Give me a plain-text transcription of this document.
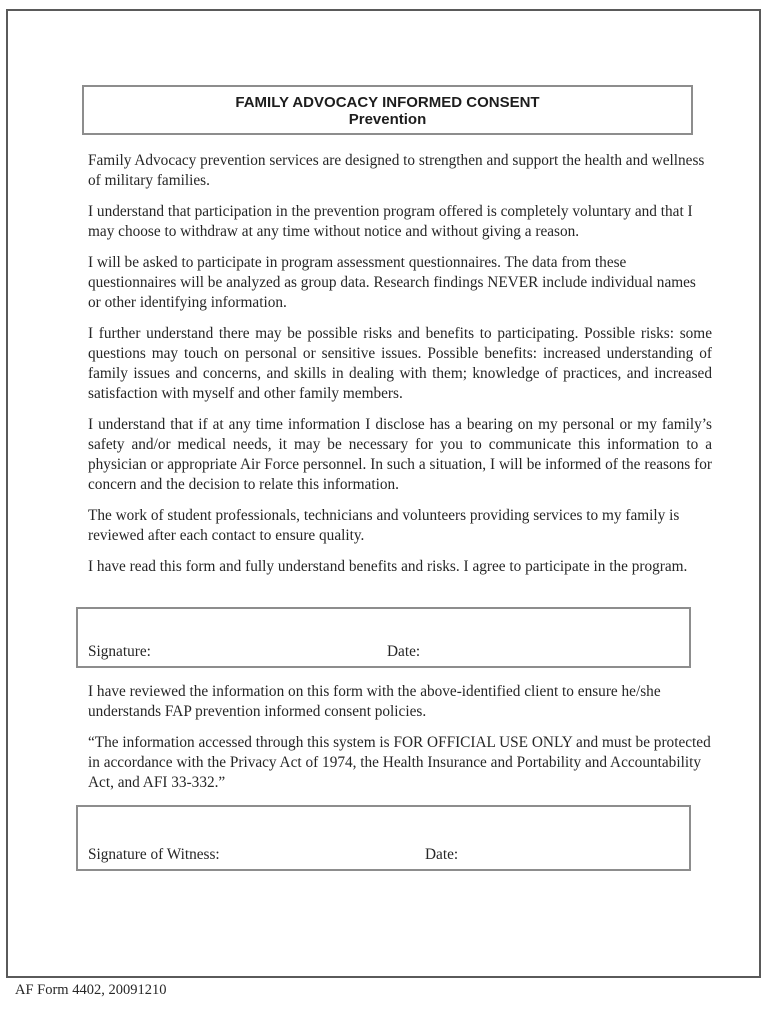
FAMILY ADVOCACY INFORMED CONSENT
Prevention

Family Advocacy prevention services are designed to strengthen and support the health and wellness of military families.

I understand that participation in the prevention program offered is completely voluntary and that I may choose to withdraw at any time without notice and without giving a reason.

I will be asked to participate in program assessment questionnaires. The data from these questionnaires will be analyzed as group data. Research findings NEVER include individual names or other identifying information.

I further understand there may be possible risks and benefits to participating. Possible risks: some questions may touch on personal or sensitive issues. Possible benefits: increased understanding of family issues and concerns, and skills in dealing with them; knowledge of practices, and increased satisfaction with myself and other family members.

I understand that if at any time information I disclose has a bearing on my personal or my family’s safety and/or medical needs, it may be necessary for you to communicate this information to a physician or appropriate Air Force personnel. In such a situation, I will be informed of the reasons for concern and the decision to relate this information.

The work of student professionals, technicians and volunteers providing services to my family is reviewed after each contact to ensure quality.

I have read this form and fully understand benefits and risks. I agree to participate in the program.

Signature:	Date:

I have reviewed the information on this form with the above-identified client to ensure he/she understands FAP prevention informed consent policies.

“The information accessed through this system is FOR OFFICIAL USE ONLY and must be protected in accordance with the Privacy Act of 1974, the Health Insurance and Portability and Accountability Act, and AFI 33-332.”

Signature of Witness:	Date:
AF Form 4402, 20091210
